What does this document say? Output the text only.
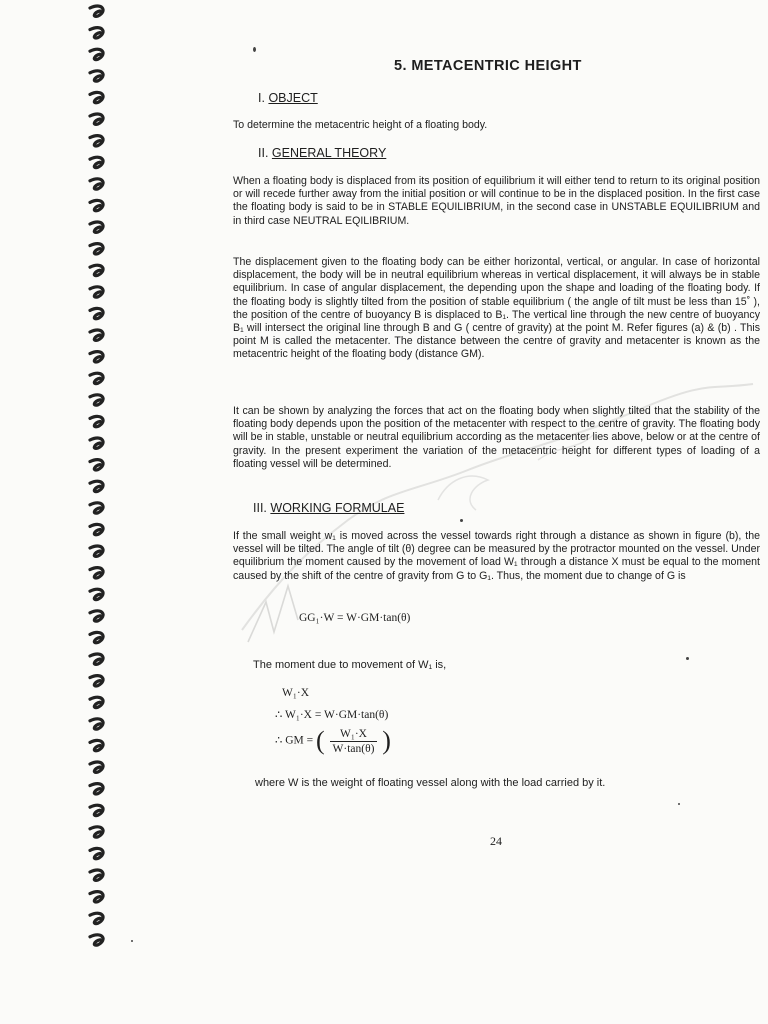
5. METACENTRIC HEIGHT
I. OBJECT
To determine the metacentric height of a floating body.
II. GENERAL THEORY
When a floating body is displaced from its position of equilibrium it will either tend to return to its original position or will recede further away from the initial position or will continue to be in the displaced position. In the first case the floating body is said to be in STABLE EQUILIBRIUM, in the second case in UNSTABLE EQUILIBRIUM and in third case NEUTRAL EQILIBRIUM.
The displacement given to the floating body can be either horizontal, vertical, or angular. In case of horizontal displacement, the body will be in neutral equilibrium whereas in vertical displacement, it will always be in stable equilibrium. In case of angular displacement, the depending upon the shape and loading of the floating body. If the floating body is slightly tilted from the position of stable equilibrium ( the angle of tilt must be less than 15˚ ), the position of the centre of buoyancy B is displaced to B₁. The vertical line through the new centre of buoyancy B₁ will intersect the original line through B and G ( centre of gravity) at the point M. Refer figures (a) & (b) . This point M is called the metacenter. The distance between the centre of gravity and metacenter is known as the metacentric height of the floating body (distance GM).
It can be shown by analyzing the forces that act on the floating body when slightly tilted that the stability of the floating body depends upon the position of the metacenter with respect to the centre of gravity. The floating body will be in stable, unstable or neutral equilibrium according as the metacenter lies above, below or at the centre of gravity. In the present experiment the variation of the metacentric height for different types of loading of a floating vessel will be determined.
III. WORKING FORMULAE
If the small weight w₁ is moved across the vessel towards right through a distance as shown in figure (b), the vessel will be tilted. The angle of tilt (θ) degree can be measured by the protractor mounted on the vessel. Under equilibrium the moment caused by the movement of load W₁ through a distance X must be equal to the moment caused by the shift of the centre of gravity from G to G₁. Thus, the moment due to change of G is
GG₁·W = W·GM·tan(θ)
The moment due to movement of W₁ is,
W₁·X
∴ W₁·X = W·GM·tan(θ)
∴ GM = ( $\frac{\text{W₁·X}}{W\cdot\tan(\theta)}$ )
where W is the weight of floating vessel along with the load carried by it.
24
